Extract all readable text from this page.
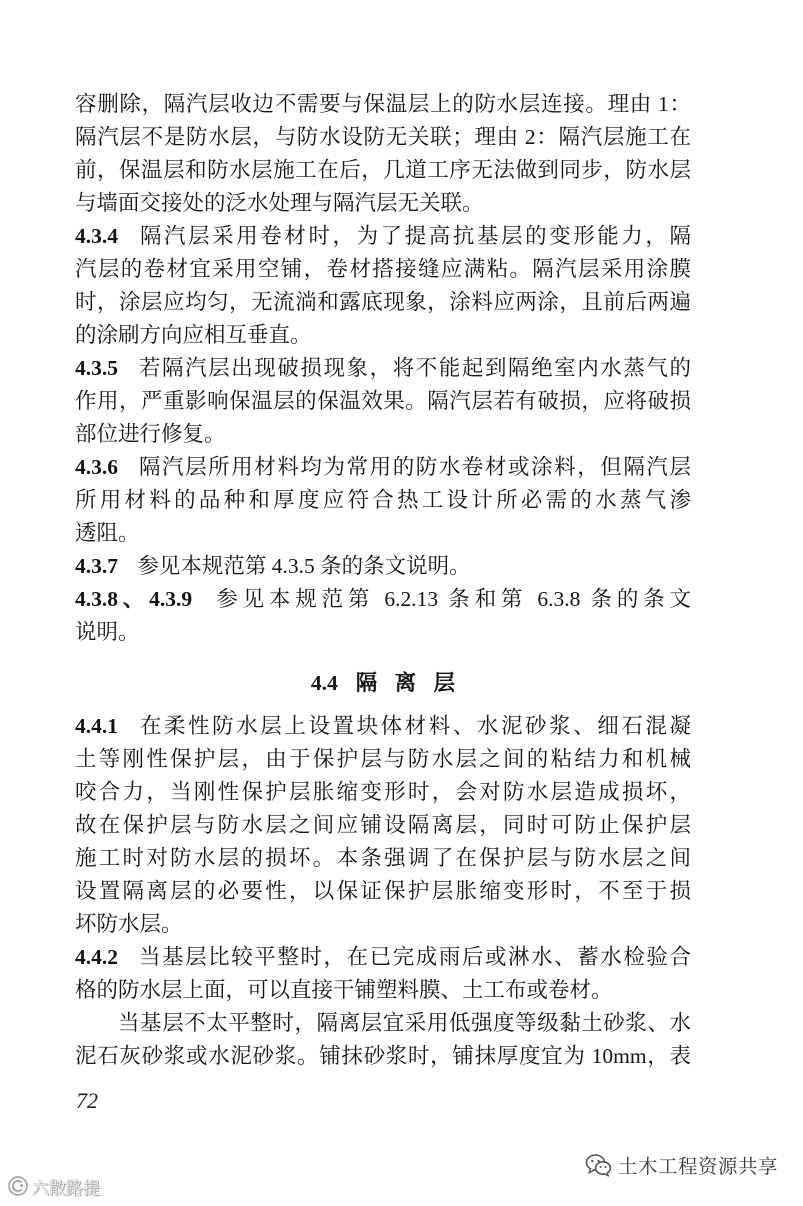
容删除，隔汽层收边不需要与保温层上的防水层连接。理由 1：
隔汽层不是防水层，与防水设防无关联；理由 2：隔汽层施工在
前，保温层和防水层施工在后，几道工序无法做到同步，防水层
与墙面交接处的泛水处理与隔汽层无关联。
4.3.4 隔汽层采用卷材时，为了提高抗基层的变形能力，隔
汽层的卷材宜采用空铺，卷材搭接缝应满粘。隔汽层采用涂膜
时，涂层应均匀，无流淌和露底现象，涂料应两涂，且前后两遍
的涂刷方向应相互垂直。
4.3.5 若隔汽层出现破损现象，将不能起到隔绝室内水蒸气的
作用，严重影响保温层的保温效果。隔汽层若有破损，应将破损
部位进行修复。
4.3.6 隔汽层所用材料均为常用的防水卷材或涂料，但隔汽层
所用材料的品种和厚度应符合热工设计所必需的水蒸气渗
透阻。
4.3.7 参见本规范第 4.3.5 条的条文说明。
4.3.8、4.3.9 参见本规范第 6.2.13 条和第 6.3.8 条的条文
说明。
4.4 隔 离 层
4.4.1 在柔性防水层上设置块体材料、水泥砂浆、细石混凝
土等刚性保护层，由于保护层与防水层之间的粘结力和机械
咬合力，当刚性保护层胀缩变形时，会对防水层造成损坏，
故在保护层与防水层之间应铺设隔离层，同时可防止保护层
施工时对防水层的损坏。本条强调了在保护层与防水层之间
设置隔离层的必要性，以保证保护层胀缩变形时，不至于损
坏防水层。
4.4.2 当基层比较平整时，在已完成雨后或淋水、蓄水检验合
格的防水层上面，可以直接干铺塑料膜、土工布或卷材。
当基层不太平整时，隔离层宜采用低强度等级黏土砂浆、水
泥石灰砂浆或水泥砂浆。铺抹砂浆时，铺抹厚度宜为 10mm，表
72
六散路提
土木工程资源共享
